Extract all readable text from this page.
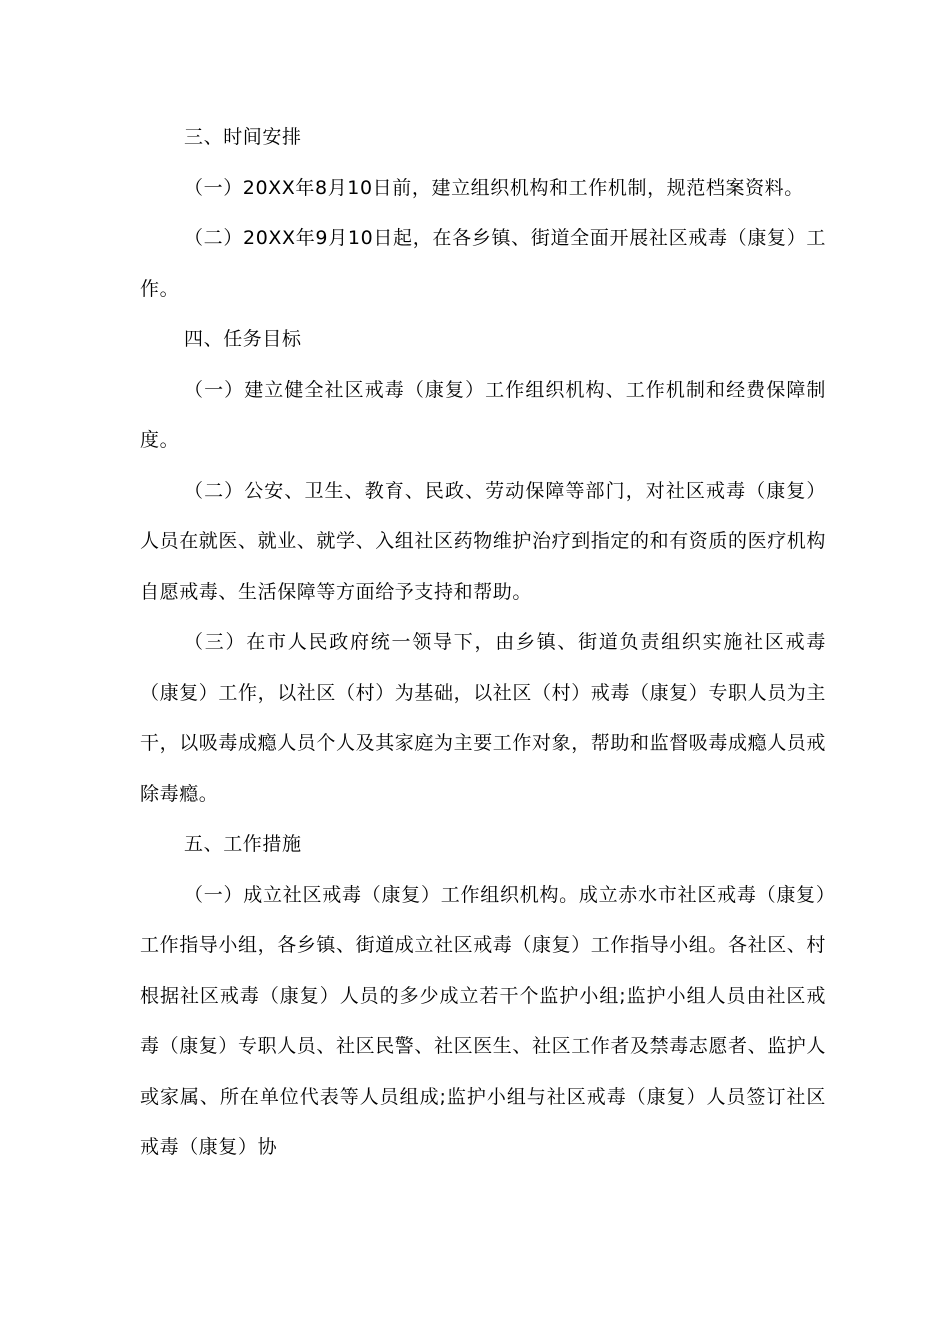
三、时间安排

（一）20XX年8月10日前，建立组织机构和工作机制，规范档案资料。

（二）20XX年9月10日起，在各乡镇、街道全面开展社区戒毒（康复）工作。

四、任务目标

（一）建立健全社区戒毒（康复）工作组织机构、工作机制和经费保障制度。

（二）公安、卫生、教育、民政、劳动保障等部门，对社区戒毒（康复）人员在就医、就业、就学、入组社区药物维护治疗到指定的和有资质的医疗机构自愿戒毒、生活保障等方面给予支持和帮助。

（三）在市人民政府统一领导下，由乡镇、街道负责组织实施社区戒毒（康复）工作，以社区（村）为基础，以社区（村）戒毒（康复）专职人员为主干，以吸毒成瘾人员个人及其家庭为主要工作对象，帮助和监督吸毒成瘾人员戒除毒瘾。

五、工作措施

（一）成立社区戒毒（康复）工作组织机构。成立赤水市社区戒毒（康复）工作指导小组，各乡镇、街道成立社区戒毒（康复）工作指导小组。各社区、村根据社区戒毒（康复）人员的多少成立若干个监护小组;监护小组人员由社区戒毒（康复）专职人员、社区民警、社区医生、社区工作者及禁毒志愿者、监护人或家属、所在单位代表等人员组成;监护小组与社区戒毒（康复）人员签订社区戒毒（康复）协
